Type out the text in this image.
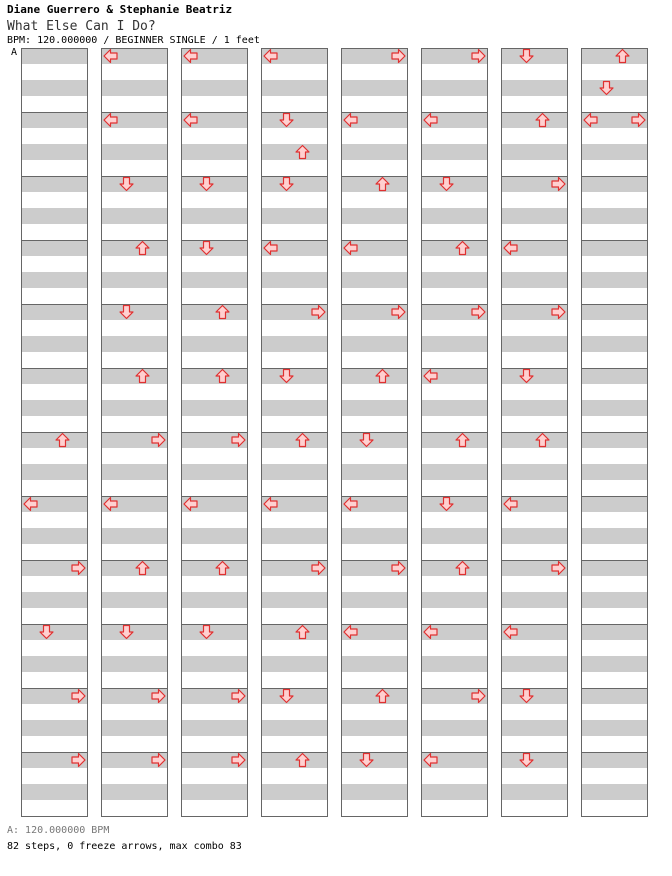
Diane Guerrero & Stephanie Beatriz
What Else Can I Do?
BPM: 120.000000 / BEGINNER SINGLE / 1 feet
A
A: 120.000000 BPM
82 steps, 0 freeze arrows, max combo 83
